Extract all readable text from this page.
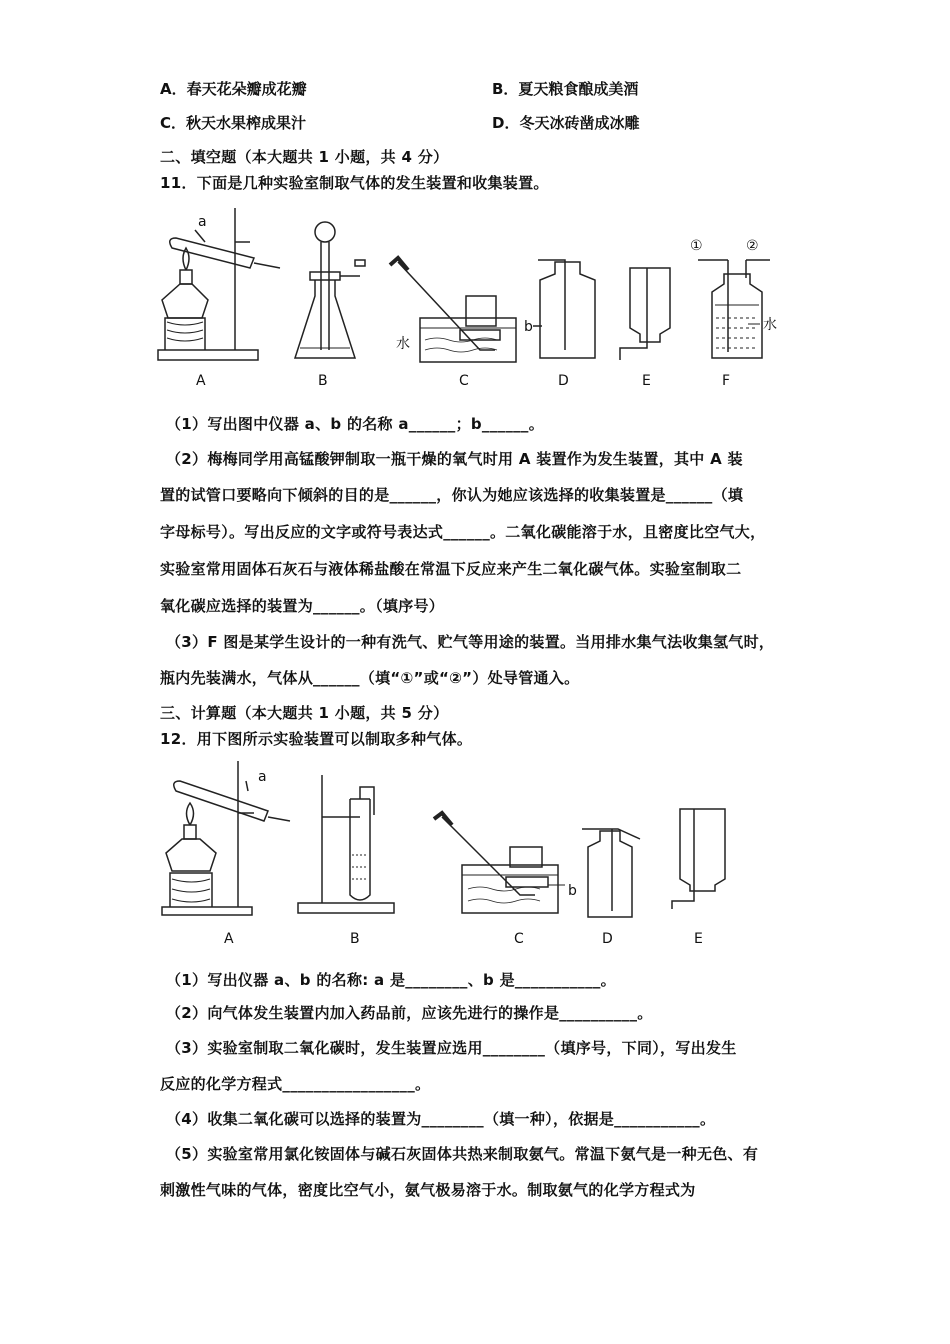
A．春天花朵瓣成花瓣	B．夏天粮食酿成美酒
C．秋天水果榨成果汁	D．冬天冰砖凿成冰雕
二、填空题（本大题共 1 小题，共 4 分）
11．下面是几种实验室制取气体的发生装置和收集装置。
a
b
水
水
①	②
A	B	C	D	E	F
（1）写出图中仪器 a、b 的名称 a______；b______。
（2）梅梅同学用高锰酸钾制取一瓶干燥的氧气时用 A 装置作为发生装置，其中 A 装
置的试管口要略向下倾斜的目的是______，你认为她应该选择的收集装置是______（填
字母标号）。写出反应的文字或符号表达式______。二氧化碳能溶于水，且密度比空气大，
实验室常用固体石灰石与液体稀盐酸在常温下反应来产生二氧化碳气体。实验室制取二
氧化碳应选择的装置为______。（填序号）
（3）F 图是某学生设计的一种有洗气、贮气等用途的装置。当用排水集气法收集氢气时，
瓶内先装满水，气体从______（填“①”或“②”）处导管通入。
三、计算题（本大题共 1 小题，共 5 分）
12．用下图所示实验装置可以制取多种气体。
a
b
A	B	C	D	E
（1）写出仪器 a、b 的名称: a 是________、b 是___________。
（2）向气体发生装置内加入药品前，应该先进行的操作是__________。
（3）实验室制取二氧化碳时，发生装置应选用________（填序号，下同），写出发生
反应的化学方程式_________________。
（4）收集二氧化碳可以选择的装置为________（填一种），依据是___________。
（5）实验室常用氯化铵固体与碱石灰固体共热来制取氨气。常温下氨气是一种无色、有
刺激性气味的气体，密度比空气小，氨气极易溶于水。制取氨气的化学方程式为
